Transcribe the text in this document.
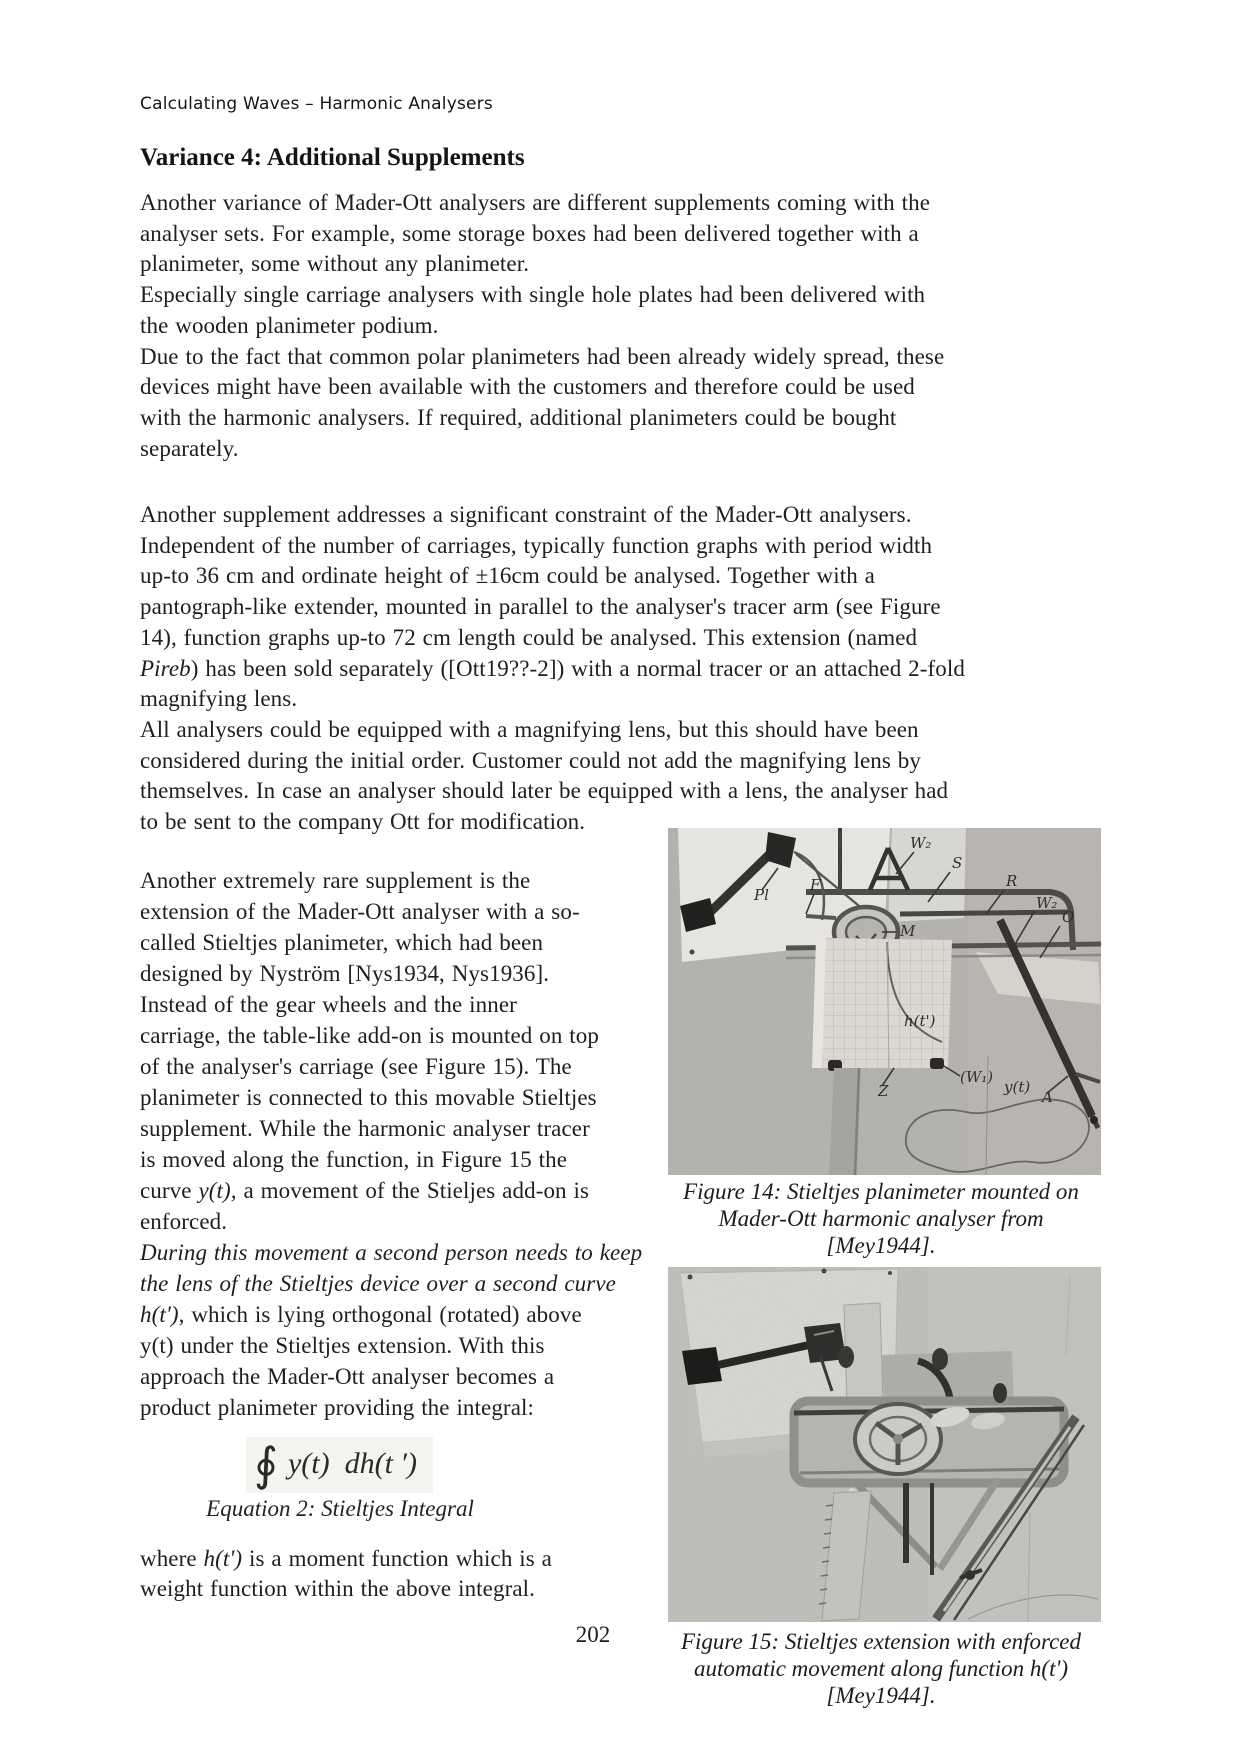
Calculating Waves – Harmonic Analysers
Variance 4: Additional Supplements
Another variance of Mader-Ott analysers are different supplements coming with the
analyser sets. For example, some storage boxes had been delivered together with a
planimeter, some without any planimeter.
Especially single carriage analysers with single hole plates had been delivered with
the wooden planimeter podium.
Due to the fact that common polar planimeters had been already widely spread, these
devices might have been available with the customers and therefore could be used
with the harmonic analysers. If required, additional planimeters could be bought
separately.
Another supplement addresses a significant constraint of the Mader-Ott analysers.
Independent of the number of carriages, typically function graphs with period width
up-to 36 cm and ordinate height of ±16cm could be analysed. Together with a
pantograph-like extender, mounted in parallel to the analyser's tracer arm (see Figure
14), function graphs up-to 72 cm length could be analysed. This extension (named
Pireb) has been sold separately ([Ott19??-2]) with a normal tracer or an attached 2-fold
magnifying lens.
All analysers could be equipped with a magnifying lens, but this should have been
considered during the initial order. Customer could not add the magnifying lens by
themselves. In case an analyser should later be equipped with a lens, the analyser had
to be sent to the company Ott for modification.
Another extremely rare supplement is the
extension of the Mader-Ott analyser with a so-
called Stieltjes planimeter, which had been
designed by Nyström [Nys1934, Nys1936].
Instead of the gear wheels and the inner
carriage, the table-like add-on is mounted on top
of the analyser's carriage (see Figure 15). The
planimeter is connected to this movable Stieltjes
supplement. While the harmonic analyser tracer
is moved along the function, in Figure 15 the
curve y(t), a movement of the Stieljes add-on is
enforced.
During this movement a second person needs to keep
the lens of the Stieltjes device over a second curve
h(t'), which is lying orthogonal (rotated) above
y(t) under the Stieltjes extension. With this
approach the Mader-Ott analyser becomes a
product planimeter providing the integral:
∮ y(t)  dh(t ′)
Equation 2: Stieltjes Integral
where h(t') is a moment function which is a
weight function within the above integral.
202
Pl
F
W₂
S
R
W₂
O
M
h(t')
Z
(W₁)
y(t)
A
Figure 14: Stieltjes planimeter mounted on
Mader-Ott harmonic analyser from
[Mey1944].
Figure 15: Stieltjes extension with enforced
automatic movement along function h(t')
[Mey1944].
